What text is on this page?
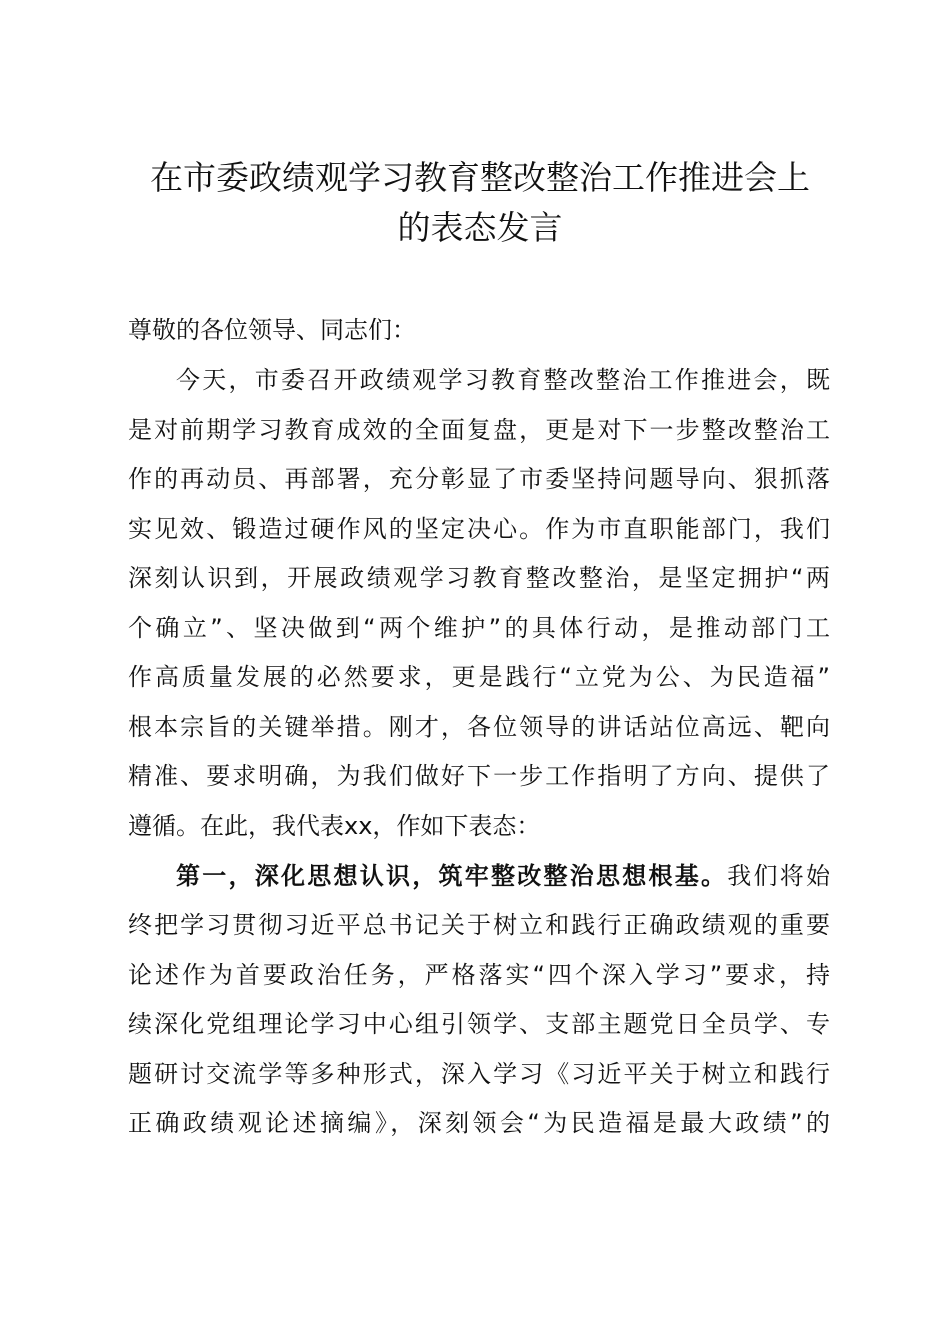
在市委政绩观学习教育整改整治工作推进会上
的表态发言
尊敬的各位领导、同志们：
今天，市委召开政绩观学习教育整改整治工作推进会，既
是对前期学习教育成效的全面复盘，更是对下一步整改整治工
作的再动员、再部署，充分彰显了市委坚持问题导向、狠抓落
实见效、锻造过硬作风的坚定决心。作为市直职能部门，我们
深刻认识到，开展政绩观学习教育整改整治，是坚定拥护“两
个确立”、坚决做到“两个维护”的具体行动，是推动部门工
作高质量发展的必然要求，更是践行“立党为公、为民造福”
根本宗旨的关键举措。刚才，各位领导的讲话站位高远、靶向
精准、要求明确，为我们做好下一步工作指明了方向、提供了
遵循。在此，我代表xx，作如下表态：
第一，深化思想认识，筑牢整改整治思想根基。我们将始
终把学习贯彻习近平总书记关于树立和践行正确政绩观的重要
论述作为首要政治任务，严格落实“四个深入学习”要求，持
续深化党组理论学习中心组引领学、支部主题党日全员学、专
题研讨交流学等多种形式，深入学习《习近平关于树立和践行
正确政绩观论述摘编》，深刻领会“为民造福是最大政绩”的
